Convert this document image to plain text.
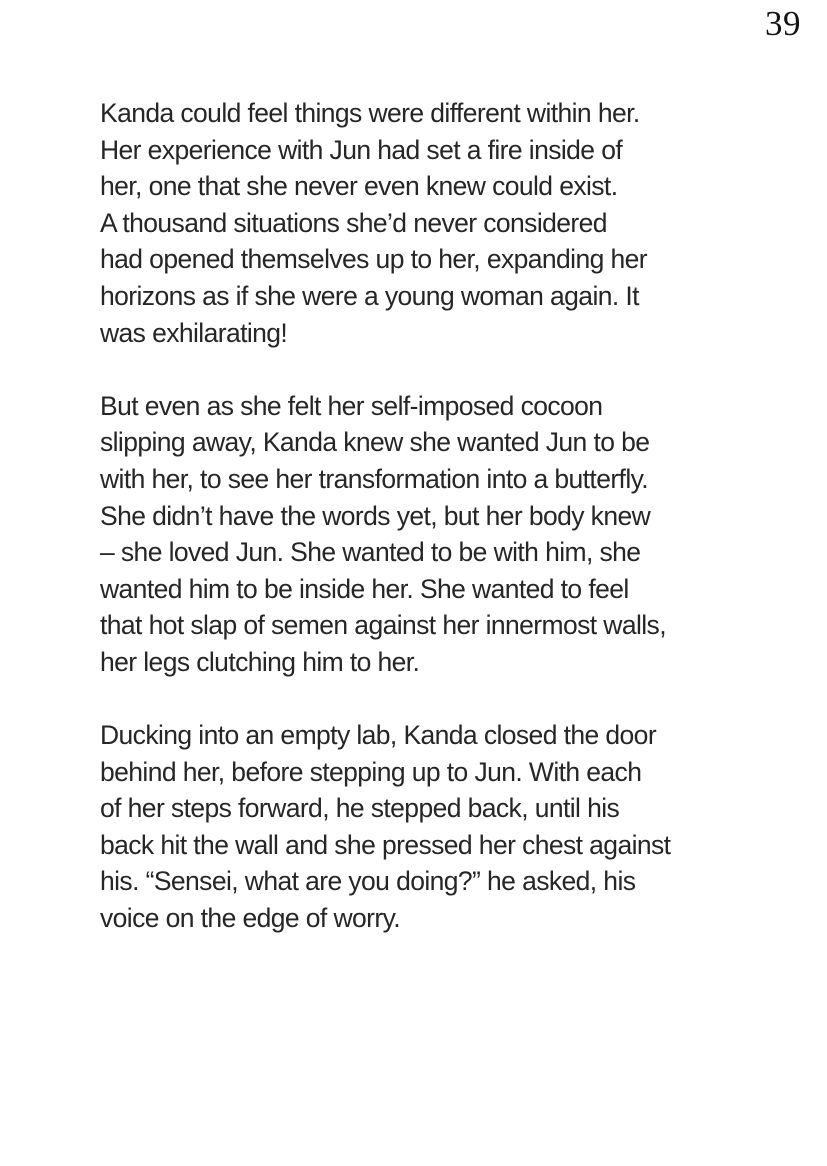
39

Kanda could feel things were different within her.
Her experience with Jun had set a fire inside of
her, one that she never even knew could exist.
A thousand situations she’d never considered
had opened themselves up to her, expanding her
horizons as if she were a young woman again. It
was exhilarating!

But even as she felt her self-imposed cocoon
slipping away, Kanda knew she wanted Jun to be
with her, to see her transformation into a butterfly.
She didn’t have the words yet, but her body knew
– she loved Jun. She wanted to be with him, she
wanted him to be inside her. She wanted to feel
that hot slap of semen against her innermost walls,
her legs clutching him to her.

Ducking into an empty lab, Kanda closed the door
behind her, before stepping up to Jun. With each
of her steps forward, he stepped back, until his
back hit the wall and she pressed her chest against
his. “Sensei, what are you doing?” he asked, his
voice on the edge of worry.
